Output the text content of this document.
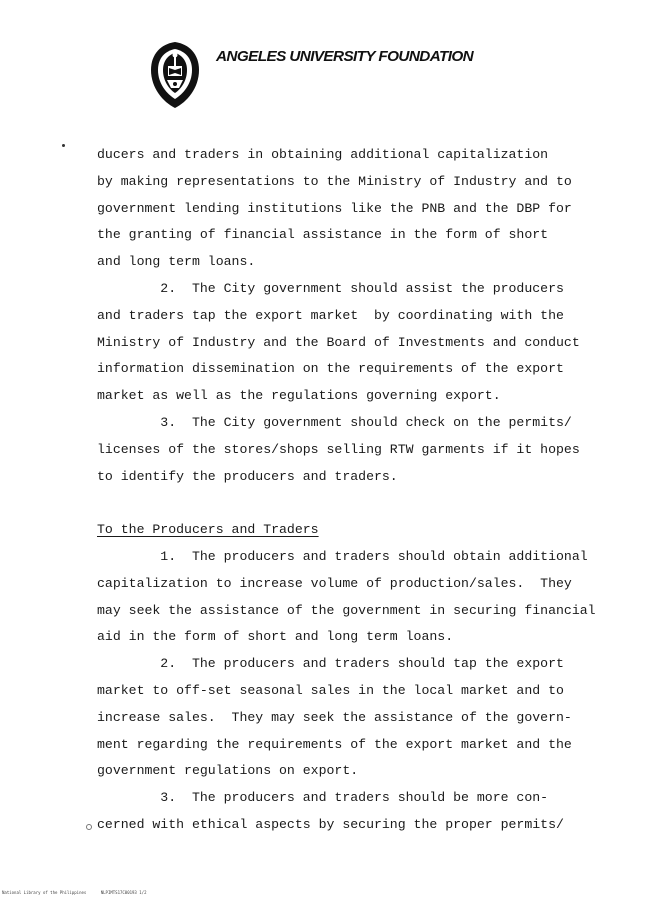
ANGELES UNIVERSITY FOUNDATION
ducers and traders in obtaining additional capitalization
by making representations to the Ministry of Industry and to
government lending institutions like the PNB and the DBP for
the granting of financial assistance in the form of short
and long term loans.
2.  The City government should assist the producers
and traders tap the export market  by coordinating with the
Ministry of Industry and the Board of Investments and conduct
information dissemination on the requirements of the export
market as well as the regulations governing export.
3.  The City government should check on the permits/
licenses of the stores/shops selling RTW garments if it hopes
to identify the producers and traders.
To the Producers and Traders
1.  The producers and traders should obtain additional
capitalization to increase volume of production/sales.  They
may seek the assistance of the government in securing financial
aid in the form of short and long term loans.
2.  The producers and traders should tap the export
market to off-set seasonal sales in the local market and to
increase sales.  They may seek the assistance of the govern-
ment regarding the requirements of the export market and the
government regulations on export.
3.  The producers and traders should be more con-
cerned with ethical aspects by securing the proper permits/
National Library of the Philippines	NLPIMTS17C00193 1/2
